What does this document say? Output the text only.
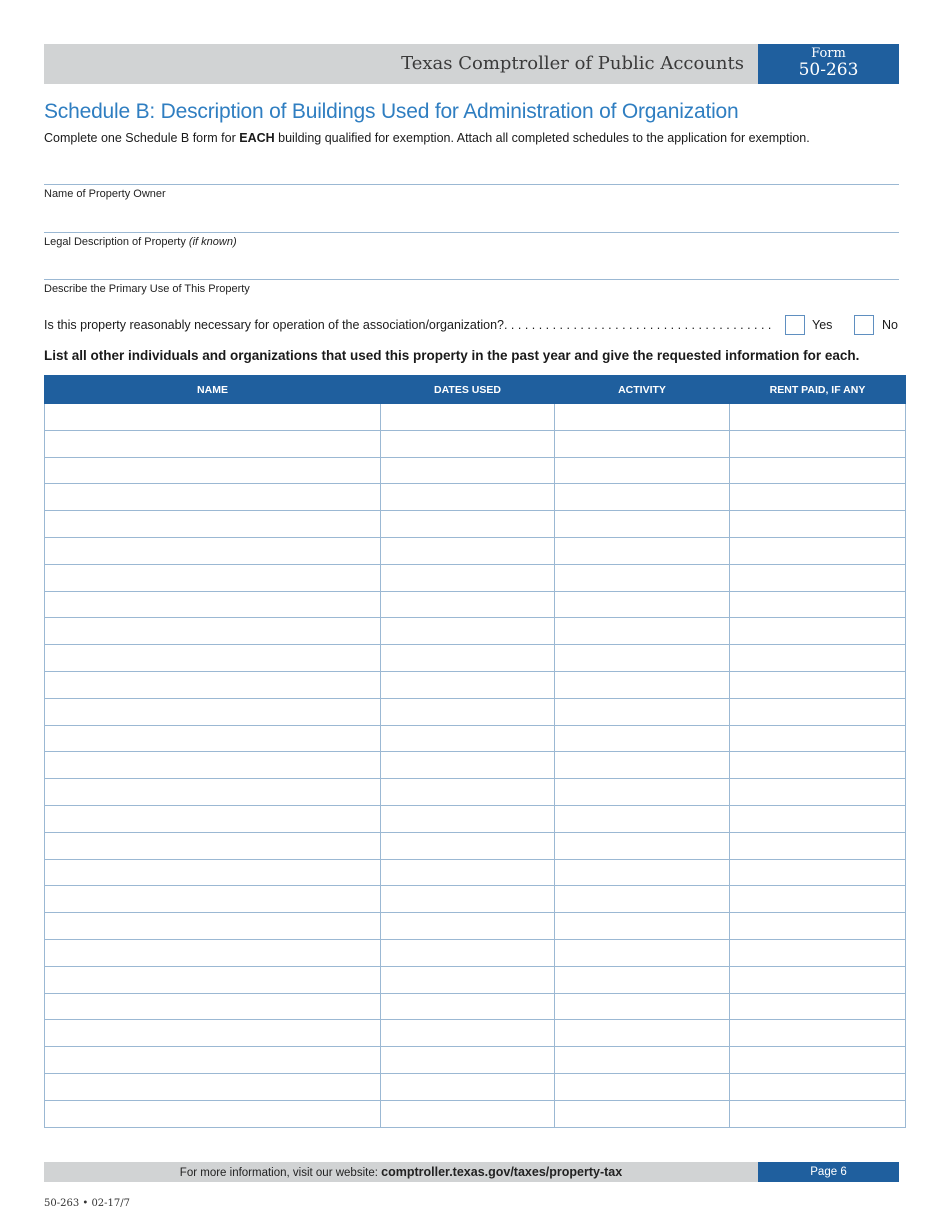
Texas Comptroller of Public Accounts	Form
50-263
Schedule B: Description of Buildings Used for Administration of Organization
Complete one Schedule B form for EACH building qualified for exemption. Attach all completed schedules to the application for exemption.
Name of Property Owner
Legal Description of Property (if known)
Describe the Primary Use of This Property
Is this property reasonably necessary for operation of the association/organization?. . . . . . . . . . . . . . . . . . . . . . . . . . . . . . . . . . . . . . .	Yes	No
List all other individuals and organizations that used this property in the past year and give the requested information for each.
NAME	DATES USED	ACTIVITY	RENT PAID, IF ANY

For more information, visit our website: comptroller.texas.gov/taxes/property-tax	Page 6
50-263 • 02-17/7
